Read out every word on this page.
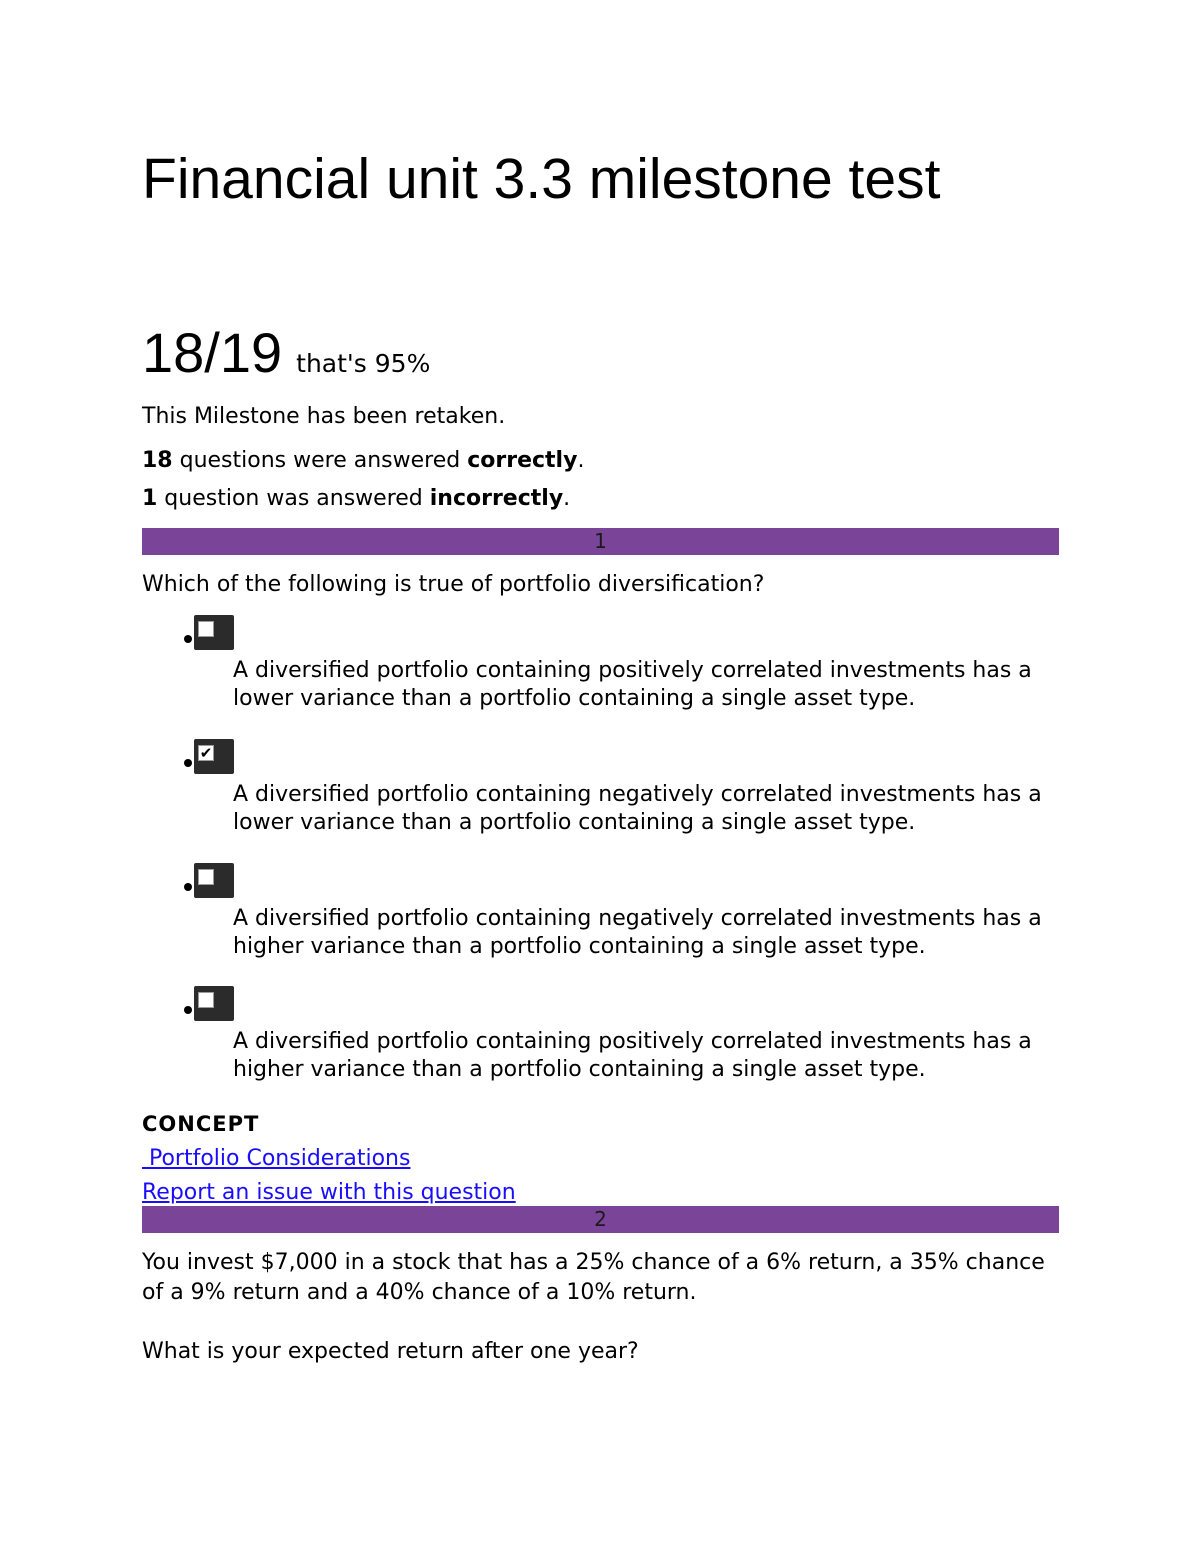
Financial unit 3.3 milestone test
18/19 that's 95%
This Milestone has been retaken.
18 questions were answered correctly.
1 question was answered incorrectly.
1
Which of the following is true of portfolio diversification?
A diversified portfolio containing positively correlated investments has a lower variance than a portfolio containing a single asset type.
✔
A diversified portfolio containing negatively correlated investments has a lower variance than a portfolio containing a single asset type.
A diversified portfolio containing negatively correlated investments has a higher variance than a portfolio containing a single asset type.
A diversified portfolio containing positively correlated investments has a higher variance than a portfolio containing a single asset type.
CONCEPT
Portfolio Considerations
Report an issue with this question
2
You invest $7,000 in a stock that has a 25% chance of a 6% return, a 35% chance of a 9% return and a 40% chance of a 10% return.
What is your expected return after one year?
